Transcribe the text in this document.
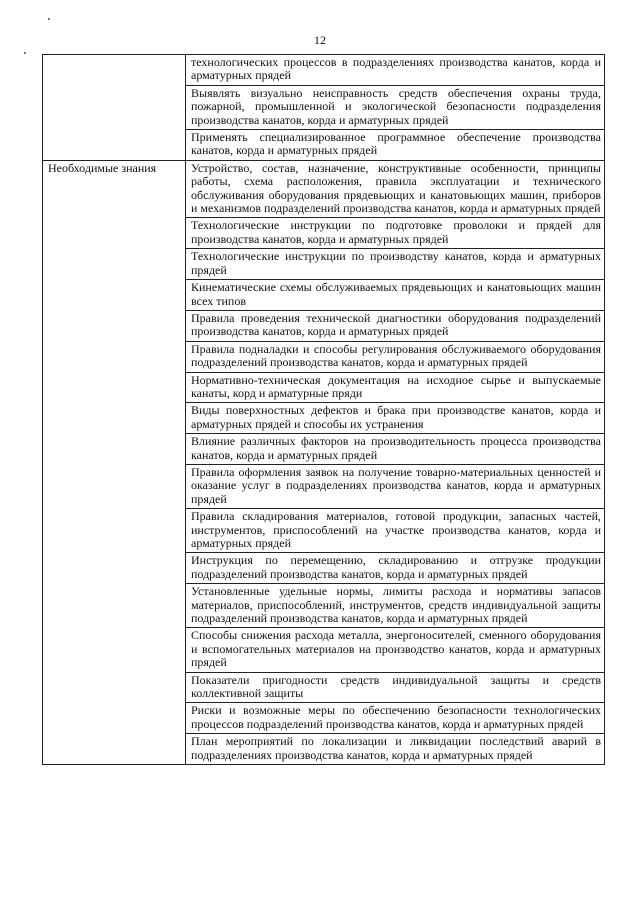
12
	технологических процессов в подразделениях производства канатов, корда и арматурных прядей
	Выявлять визуально неисправность средств обеспечения охраны труда, пожарной, промышленной и экологической безопасности подразделения производства канатов, корда и арматурных прядей
	Применять специализированное программное обеспечение производства канатов, корда и арматурных прядей
Необходимые знания	Устройство, состав, назначение, конструктивные особенности, принципы работы, схема расположения, правила эксплуатации и технического обслуживания оборудования прядевьющих и канатовьющих машин, приборов и механизмов подразделений производства канатов, корда и арматурных прядей
	Технологические инструкции по подготовке проволоки и прядей для производства канатов, корда и арматурных прядей
	Технологические инструкции по производству канатов, корда и арматурных прядей
	Кинематические схемы обслуживаемых прядевьющих и канатовьющих машин всех типов
	Правила проведения технической диагностики оборудования подразделений производства канатов, корда и арматурных прядей
	Правила подналадки и способы регулирования обслуживаемого оборудования подразделений производства канатов, корда и арматурных прядей
	Нормативно-техническая документация на исходное сырье и выпускаемые канаты, корд и арматурные пряди
	Виды поверхностных дефектов и брака при производстве канатов, корда и арматурных прядей и способы их устранения
	Влияние различных факторов на производительность процесса производства канатов, корда и арматурных прядей
	Правила оформления заявок на получение товарно-материальных ценностей и оказание услуг в подразделениях производства канатов, корда и арматурных прядей
	Правила складирования материалов, готовой продукции, запасных частей, инструментов, приспособлений на участке производства канатов, корда и арматурных прядей
	Инструкция по перемещению, складированию и отгрузке продукции подразделений производства канатов, корда и арматурных прядей
	Установленные удельные нормы, лимиты расхода и нормативы запасов материалов, приспособлений, инструментов, средств индивидуальной защиты подразделений производства канатов, корда и арматурных прядей
	Способы снижения расхода металла, энергоносителей, сменного оборудования и вспомогательных материалов на производство канатов, корда и арматурных прядей
	Показатели пригодности средств индивидуальной защиты и средств коллективной защиты
	Риски и возможные меры по обеспечению безопасности технологических процессов подразделений производства канатов, корда и арматурных прядей
	План мероприятий по локализации и ликвидации последствий аварий в подразделениях производства канатов, корда и арматурных прядей
